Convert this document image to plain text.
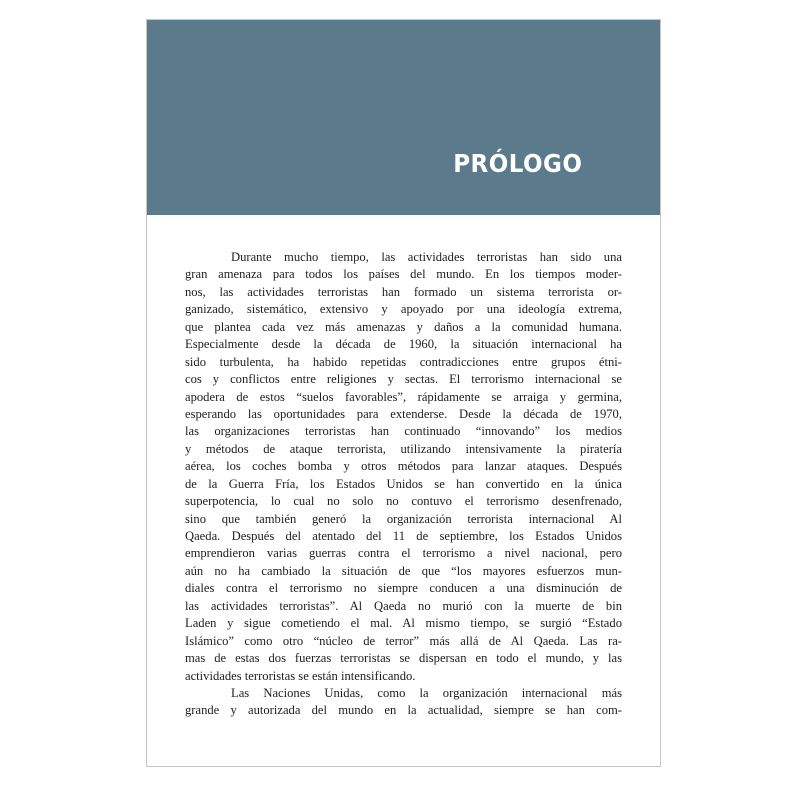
PRÓLOGO
Durante mucho tiempo, las actividades terroristas han sido una
gran amenaza para todos los países del mundo. En los tiempos moder-
nos, las actividades terroristas han formado un sistema terrorista or-
ganizado, sistemático, extensivo y apoyado por una ideología extrema,
que plantea cada vez más amenazas y daños a la comunidad humana.
Especialmente desde la década de 1960, la situación internacional ha
sido turbulenta, ha habido repetidas contradicciones entre grupos étni-
cos y conflictos entre religiones y sectas. El terrorismo internacional se
apodera de estos “suelos favorables”, rápidamente se arraiga y germina,
esperando las oportunidades para extenderse. Desde la década de 1970,
las organizaciones terroristas han continuado “innovando” los medios
y métodos de ataque terrorista, utilizando intensivamente la piratería
aérea, los coches bomba y otros métodos para lanzar ataques. Después
de la Guerra Fría, los Estados Unidos se han convertido en la única
superpotencia, lo cual no solo no contuvo el terrorismo desenfrenado,
sino que también generó la organización terrorista internacional Al
Qaeda. Después del atentado del 11 de septiembre, los Estados Unidos
emprendieron varias guerras contra el terrorismo a nivel nacional, pero
aún no ha cambiado la situación de que “los mayores esfuerzos mun-
diales contra el terrorismo no siempre conducen a una disminución de
las actividades terroristas”. Al Qaeda no murió con la muerte de bin
Laden y sigue cometiendo el mal. Al mismo tiempo, se surgió “Estado
Islámico” como otro “núcleo de terror” más allá de Al Qaeda. Las ra-
mas de estas dos fuerzas terroristas se dispersan en todo el mundo, y las
actividades terroristas se están intensificando.
Las Naciones Unidas, como la organización internacional más
grande y autorizada del mundo en la actualidad, siempre se han com-
